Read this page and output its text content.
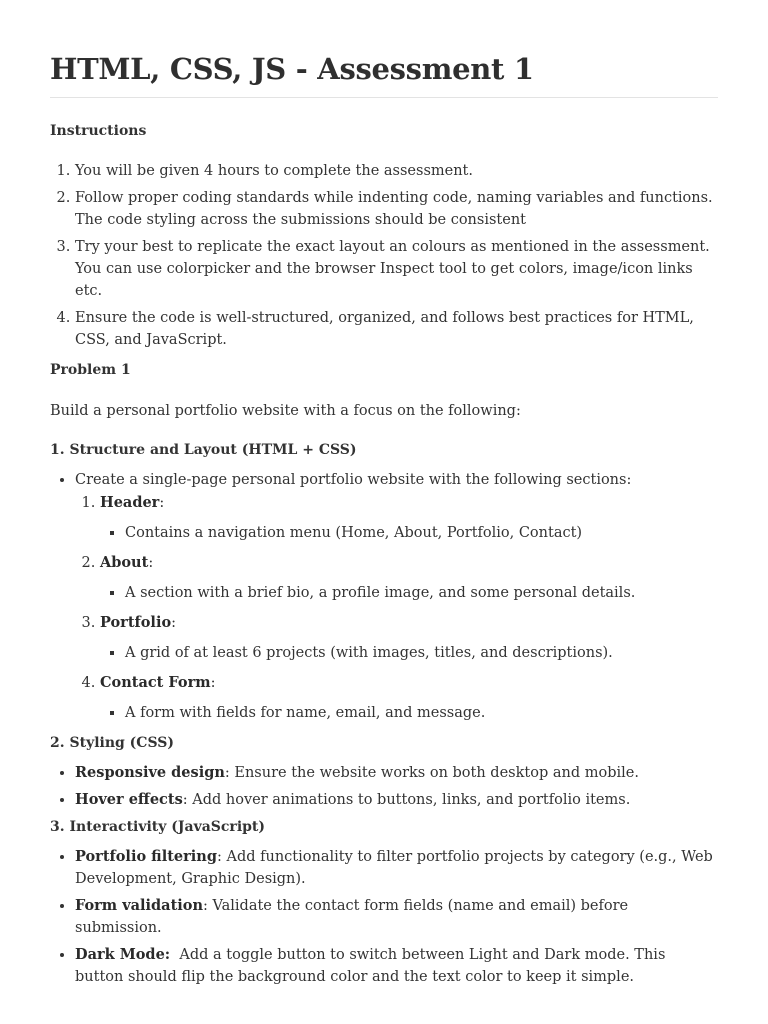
HTML, CSS, JS - Assessment 1

Instructions

1. You will be given 4 hours to complete the assessment.
2. Follow proper coding standards while indenting code, naming variables and functions. The code styling across the submissions should be consistent
3. Try your best to replicate the exact layout an colours as mentioned in the assessment. You can use colorpicker and the browser Inspect tool to get colors, image/icon links etc.
4. Ensure the code is well-structured, organized, and follows best practices for HTML, CSS, and JavaScript.

Problem 1

Build a personal portfolio website with a focus on the following:

1. Structure and Layout (HTML + CSS)

• Create a single-page personal portfolio website with the following sections:
1. Header:
▪ Contains a navigation menu (Home, About, Portfolio, Contact)
2. About:
▪ A section with a brief bio, a profile image, and some personal details.
3. Portfolio:
▪ A grid of at least 6 projects (with images, titles, and descriptions).
4. Contact Form:
▪ A form with fields for name, email, and message.

2. Styling (CSS)

• Responsive design: Ensure the website works on both desktop and mobile.
• Hover effects: Add hover animations to buttons, links, and portfolio items.

3. Interactivity (JavaScript)

• Portfolio filtering: Add functionality to filter portfolio projects by category (e.g., Web Development, Graphic Design).
• Form validation: Validate the contact form fields (name and email) before submission.
• Dark Mode:  Add a toggle button to switch between Light and Dark mode. This button should flip the background color and the text color to keep it simple.
